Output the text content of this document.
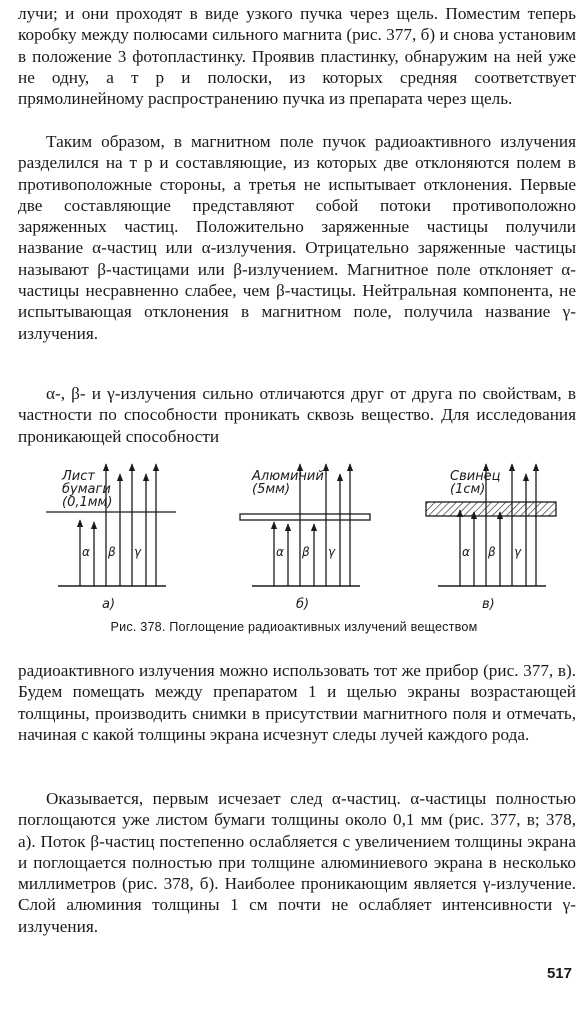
лучи; и они проходят в виде узкого пучка через щель. Поместим теперь коробку между полюсами сильного магнита (рис. 377, б) и снова установим в положение 3 фотопластинку. Проявив пластинку, обнаружим на ней уже не одну, а т р и полоски, из которых средняя соответствует прямолинейному распространению пучка из препарата через щель.

Таким образом, в магнитном поле пучок радиоактивного излучения разделился на т р и составляющие, из которых две отклоняются полем в противоположные стороны, а третья не испытывает отклонения. Первые две составляющие представляют собой потоки противоположно заряженных частиц. Положительно заряженные частицы получили название α-частиц или α-излучения. Отрицательно заряженные частицы называют β-частицами или β-излучением. Магнитное поле отклоняет α-частицы несравненно слабее, чем β-частицы. Нейтральная компонента, не испытывающая отклонения в магнитном поле, получила название γ-излучения.

α-, β- и γ-излучения сильно отличаются друг от друга по свойствам, в частности по способности проникать сквозь вещество. Для исследования проникающей способности

Лист
бумаги
(0,1мм)
α β γ
а)
Алюминий
(5мм)
α β γ
б)
Свинец
(1см)
α β γ
в)
Рис. 378. Поглощение радиоактивных излучений веществом

радиоактивного излучения можно использовать тот же прибор (рис. 377, в). Будем помещать между препаратом 1 и щелью экраны возрастающей толщины, производить снимки в присутствии магнитного поля и отмечать, начиная с какой толщины экрана исчезнут следы лучей каждого рода.

Оказывается, первым исчезает след α-частиц. α-частицы полностью поглощаются уже листом бумаги толщины около 0,1 мм (рис. 377, в; 378, а). Поток β-частиц постепенно ослабляется с увеличением толщины экрана и поглощается полностью при толщине алюминиевого экрана в несколько миллиметров (рис. 378, б). Наиболее проникающим является γ-излучение. Слой алюминия толщины 1 см почти не ослабляет интенсивности γ-излучения.

517
